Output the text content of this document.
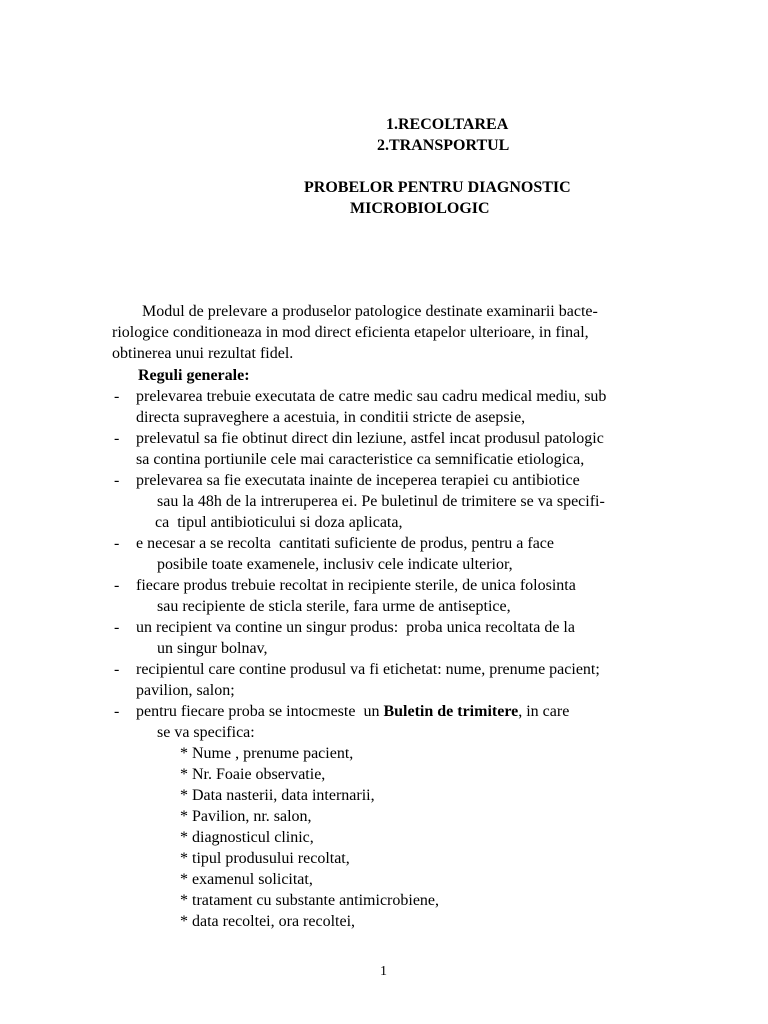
1.RECOLTAREA
2.TRANSPORTUL
PROBELOR PENTRU DIAGNOSTIC
MICROBIOLOGIC
Modul de prelevare a produselor patologice destinate examinarii bacte-
riologice conditioneaza in mod direct eficienta etapelor ulterioare, in final,
obtinerea unui rezultat fidel.
Reguli generale:
- prelevarea trebuie executata de catre medic sau cadru medical mediu, sub
directa supraveghere a acestuia, in conditii stricte de asepsie,
- prelevatul sa fie obtinut direct din leziune, astfel incat produsul patologic
sa contina portiunile cele mai caracteristice ca semnificatie etiologica,
- prelevarea sa fie executata inainte de inceperea terapiei cu antibiotice
sau la 48h de la intreruperea ei. Pe buletinul de trimitere se va specifi-
ca  tipul antibioticului si doza aplicata,
- e necesar a se recolta  cantitati suficiente de produs, pentru a face
posibile toate examenele, inclusiv cele indicate ulterior,
- fiecare produs trebuie recoltat in recipiente sterile, de unica folosinta
sau recipiente de sticla sterile, fara urme de antiseptice,
- un recipient va contine un singur produs:  proba unica recoltata de la
un singur bolnav,
- recipientul care contine produsul va fi etichetat: nume, prenume pacient;
pavilion, salon;
- pentru fiecare proba se intocmeste  un Buletin de trimitere, in care
se va specifica:
* Nume , prenume pacient,
* Nr. Foaie observatie,
* Data nasterii, data internarii,
* Pavilion, nr. salon,
* diagnosticul clinic,
* tipul produsului recoltat,
* examenul solicitat,
* tratament cu substante antimicrobiene,
* data recoltei, ora recoltei,
1
